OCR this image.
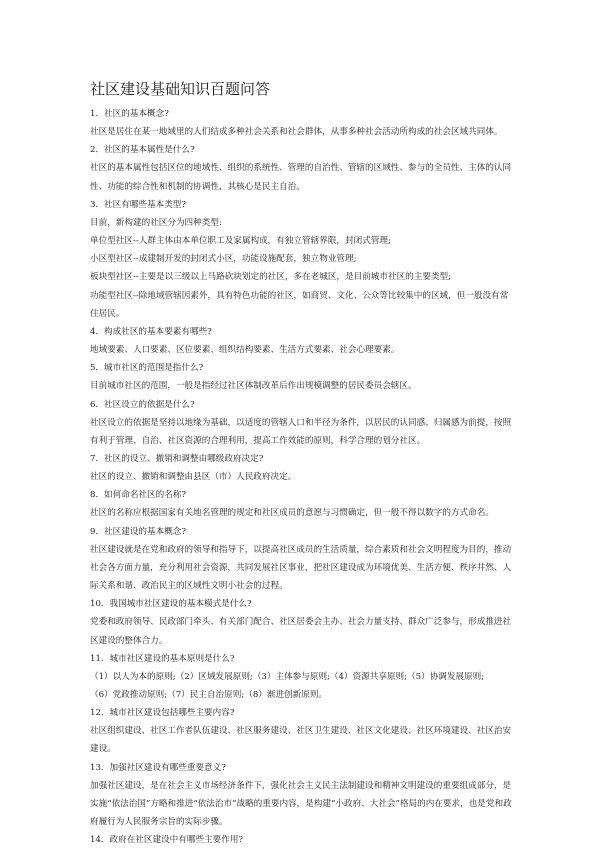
社区建设基础知识百题问答

1．社区的基本概念?

社区是居住在某一地域里的人们结成多种社会关系和社会群体，从事多种社会活动所构成的社会区域共同体。

2．社区的基本属性是什么?

社区的基本属性包括区位的地域性、组织的系统性、管理的自治性、管辖的区域性、参与的全员性、主体的认同性、功能的综合性和机制的协调性，其核心是民主自治。

3．社区有哪些基本类型?

目前，新构建的社区分为四种类型:

单位型社区--人群主体由本单位职工及家属构成，有独立管辖界限，封闭式管理;

小区型社区--成建制开发的封闭式小区，功能设施配套，独立物业管理;

板块型社区--主要是以三级以上马路砍块划定的社区，多在老城区，是目前城市社区的主要类型;

功能型社区--除地域管辖因素外，具有特色功能的社区，如商贸、文化、公众等比较集中的区域，但一般没有常住居民。

4．构成社区的基本要素有哪些?

地域要素、人口要素、区位要素、组织结构要素、生活方式要素、社会心理要素。

5．城市社区的范围是指什么?

目前城市社区的范围，一般是指经过社区体制改革后作出规模调整的居民委员会辖区。

6．社区设立的依据是什么?

社区设立的依据是坚持以地缘为基础，以适度的管辖人口和半径为条件，以居民的认同感、归属感为前提，按照有利于管理、自治、社区资源的合理利用，提高工作效能的原则，科学合理的划分社区。

7．社区的设立、撤销和调整由哪级政府决定?

社区的设立、撤销和调整由县区（市）人民政府决定。

8．如何命名社区的名称?

社区的名称应根据国家有关地名管理的规定和社区成员的意愿与习惯确定，但一般不得以数字的方式命名。

9．社区建设的基本概念?

社区建设就是在党和政府的领导和指导下，以提高社区成员的生活质量，综合素质和社会文明程度为目的，推动社会各方面力量，充分利用社会资源，共同发展社区事业，把社区建设成为环境优美、生活方便、秩序井然、人际关系和谐、政治民主的区域性文明小社会的过程。

10．我国城市社区建设的基本模式是什么?

党委和政府领导、民政部门牵头、有关部门配合、社区居委会主办、社会力量支持、群众广泛参与，形成推进社区建设的整体合力。

11．城市社区建设的基本原则是什么?

（1）以人为本的原则;（2）区域发展原则;（3）主体参与原则;（4）资源共享原则;（5）协调发展原则;

（6）党政推动原则;（7）民主自治原则;（8）渐进创新原则。

12．城市社区建设包括哪些主要内容?

社区组织建设、社区工作者队伍建设、社区服务建设、社区卫生建设、社区文化建设、社区环境建设、社区治安建设。

13．加强社区建设有哪些重要意义?

加强社区建设，是在社会主义市场经济条件下，强化社会主义民主法制建设和精神文明建设的重要组成部分，是实施“依法治国”方略和推进“依法治市”战略的重要内容，是构建“小政府、大社会”格局的内在要求，也是党和政府履行为人民服务宗旨的实际步骤。

14．政府在社区建设中有哪些主要作用?
